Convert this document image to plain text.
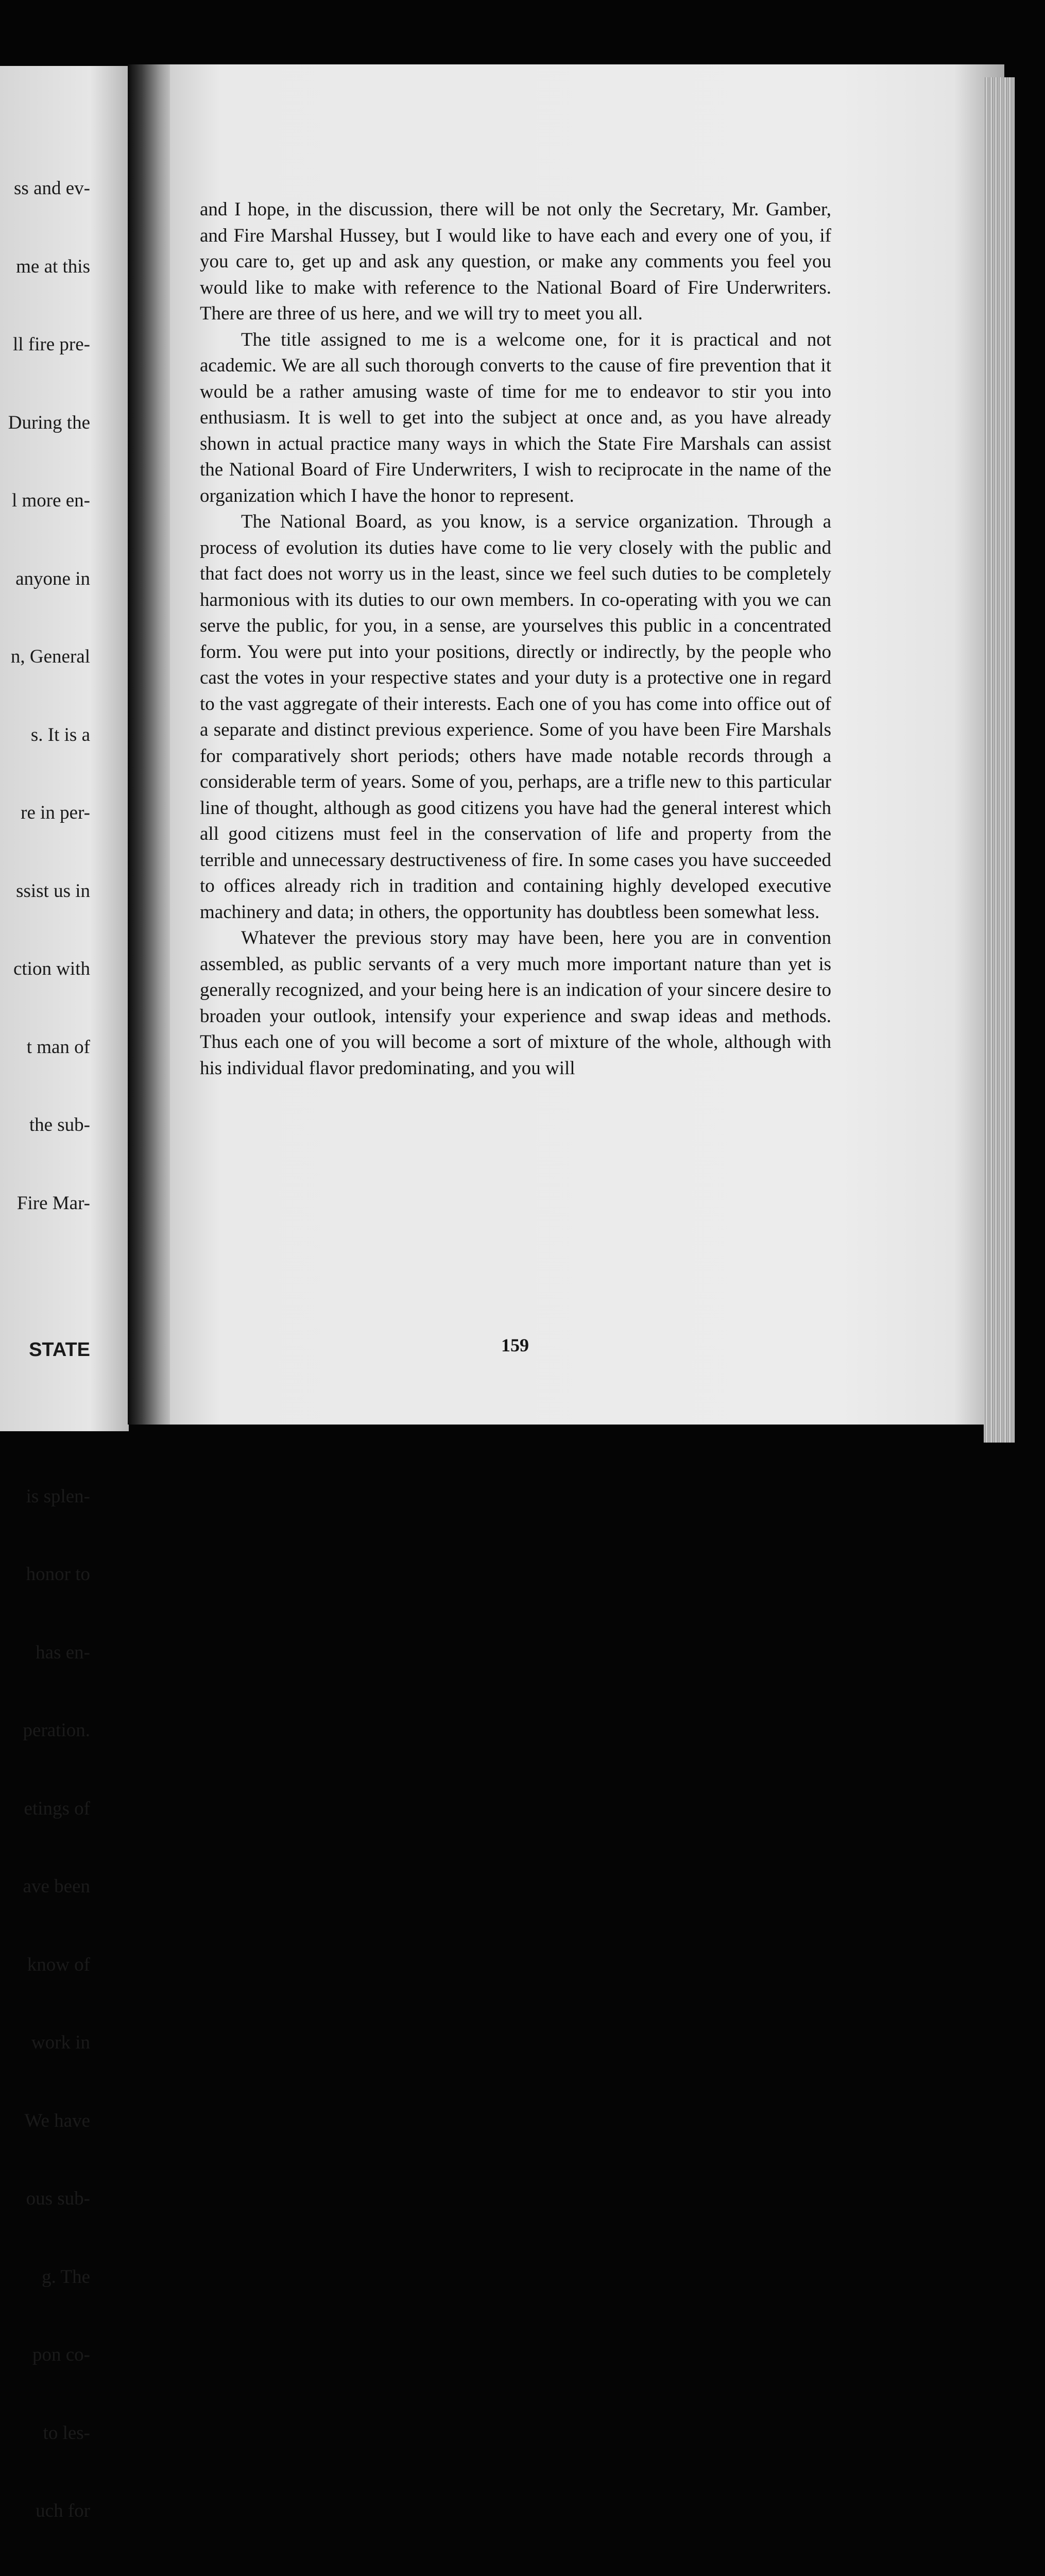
ss and ev-

me at this

ll fire pre-

During the

l more en-

anyone in

n, General

s. It is a

re in per-

ssist us in

ction with

t man of

the sub-

Fire Mar-

STATE

is splen-

honor to

has en-

peration.

etings of

ave been

know of

work in

We have

ous sub-

g. The

pon co-

to les-

uch for

and I hope, in the discussion, there will be not only the Secretary, Mr. Gamber, and Fire Marshal Hussey, but I would like to have each and every one of you, if you care to, get up and ask any question, or make any comments you feel you would like to make with reference to the National Board of Fire Underwriters. There are three of us here, and we will try to meet you all.

The title assigned to me is a welcome one, for it is practical and not academic. We are all such thorough converts to the cause of fire prevention that it would be a rather amusing waste of time for me to endeavor to stir you into enthusiasm. It is well to get into the subject at once and, as you have already shown in actual practice many ways in which the State Fire Marshals can assist the National Board of Fire Underwriters, I wish to reciprocate in the name of the organization which I have the honor to represent.

The National Board, as you know, is a service organization. Through a process of evolution its duties have come to lie very closely with the public and that fact does not worry us in the least, since we feel such duties to be completely harmonious with its duties to our own members. In co-operating with you we can serve the public, for you, in a sense, are yourselves this public in a concentrated form. You were put into your positions, directly or indirectly, by the people who cast the votes in your respective states and your duty is a protective one in regard to the vast aggregate of their interests. Each one of you has come into office out of a separate and distinct previous experience. Some of you have been Fire Marshals for comparatively short periods; others have made notable records through a considerable term of years. Some of you, perhaps, are a trifle new to this particular line of thought, although as good citizens you have had the general interest which all good citizens must feel in the conservation of life and property from the terrible and unnecessary destructiveness of fire. In some cases you have succeeded to offices already rich in tradition and containing highly developed executive machinery and data; in others, the opportunity has doubtless been somewhat less.

Whatever the previous story may have been, here you are in convention assembled, as public servants of a very much more important nature than yet is generally recognized, and your being here is an indication of your sincere desire to broaden your outlook, intensify your experience and swap ideas and methods. Thus each one of you will become a sort of mixture of the whole, although with his individual flavor predominating, and you will

159
